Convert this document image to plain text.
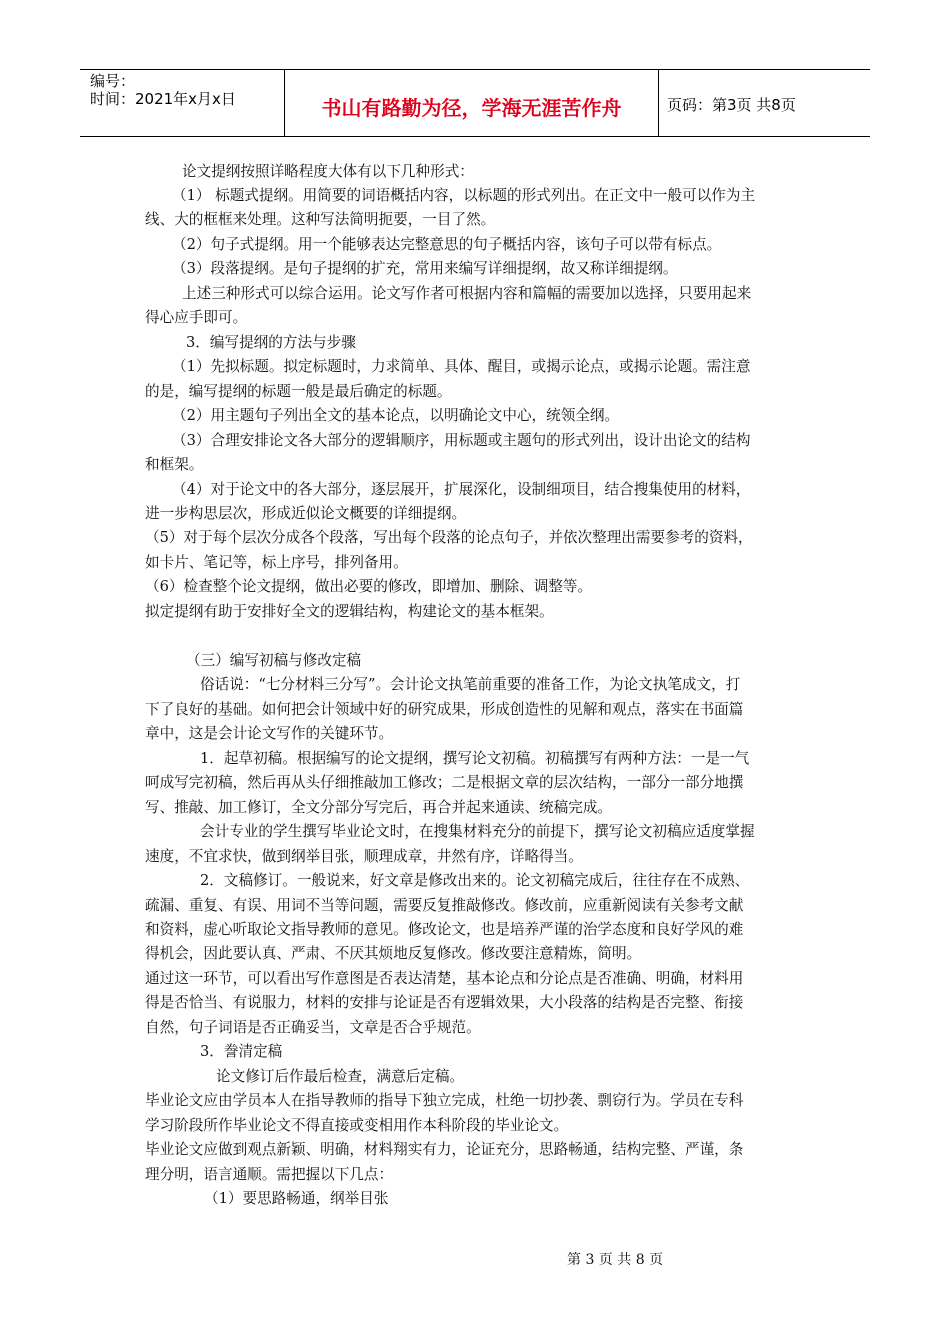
编号：
时间：2021年x月x日	书山有路勤为径，学海无涯苦作舟	页码：第3页 共8页
论文提纲按照详略程度大体有以下几种形式：
（1） 标题式提纲。用简要的词语概括内容，以标题的形式列出。在正文中一般可以作为主
线、大的框框来处理。这种写法简明扼要，一目了然。
（2）句子式提纲。用一个能够表达完整意思的句子概括内容，该句子可以带有标点。
（3）段落提纲。是句子提纲的扩充，常用来编写详细提纲，故又称详细提纲。
上述三种形式可以综合运用。论文写作者可根据内容和篇幅的需要加以选择，只要用起来
得心应手即可。
3．编写提纲的方法与步骤
（1）先拟标题。拟定标题时，力求简单、具体、醒目，或揭示论点，或揭示论题。需注意
的是，编写提纲的标题一般是最后确定的标题。
（2）用主题句子列出全文的基本论点，以明确论文中心，统领全纲。
（3）合理安排论文各大部分的逻辑顺序，用标题或主题句的形式列出，设计出论文的结构
和框架。
（4）对于论文中的各大部分，逐层展开，扩展深化，设制细项目，结合搜集使用的材料，
进一步构思层次，形成近似论文概要的详细提纲。
（5）对于每个层次分成各个段落，写出每个段落的论点句子，并依次整理出需要参考的资料，
如卡片、笔记等，标上序号，排列备用。
（6）检查整个论文提纲，做出必要的修改，即增加、删除、调整等。
拟定提纲有助于安排好全文的逻辑结构，构建论文的基本框架。
（三）编写初稿与修改定稿
俗话说：“七分材料三分写”。会计论文执笔前重要的准备工作，为论文执笔成文，打
下了良好的基础。如何把会计领域中好的研究成果，形成创造性的见解和观点，落实在书面篇
章中，这是会计论文写作的关键环节。
1．起草初稿。根据编写的论文提纲，撰写论文初稿。初稿撰写有两种方法：一是一气
呵成写完初稿，然后再从头仔细推敲加工修改；二是根据文章的层次结构，一部分一部分地撰
写、推敲、加工修订，全文分部分写完后，再合并起来通读、统稿完成。
会计专业的学生撰写毕业论文时，在搜集材料充分的前提下，撰写论文初稿应适度掌握
速度，不宜求快，做到纲举目张，顺理成章，井然有序，详略得当。
2．文稿修订。一般说来，好文章是修改出来的。论文初稿完成后，往往存在不成熟、
疏漏、重复、有误、用词不当等问题，需要反复推敲修改。修改前，应重新阅读有关参考文献
和资料，虚心听取论文指导教师的意见。修改论文，也是培养严谨的治学态度和良好学风的难
得机会，因此要认真、严肃、不厌其烦地反复修改。修改要注意精炼，简明。
通过这一环节，可以看出写作意图是否表达清楚，基本论点和分论点是否准确、明确，材料用
得是否恰当、有说服力，材料的安排与论证是否有逻辑效果，大小段落的结构是否完整、衔接
自然，句子词语是否正确妥当，文章是否合乎规范。
3．誊清定稿
论文修订后作最后检查，满意后定稿。
毕业论文应由学员本人在指导教师的指导下独立完成，杜绝一切抄袭、剽窃行为。学员在专科
学习阶段所作毕业论文不得直接或变相用作本科阶段的毕业论文。
毕业论文应做到观点新颖、明确，材料翔实有力，论证充分，思路畅通，结构完整、严谨，条
理分明，语言通顺。需把握以下几点：
（1）要思路畅通，纲举目张
第 3 页 共 8 页
